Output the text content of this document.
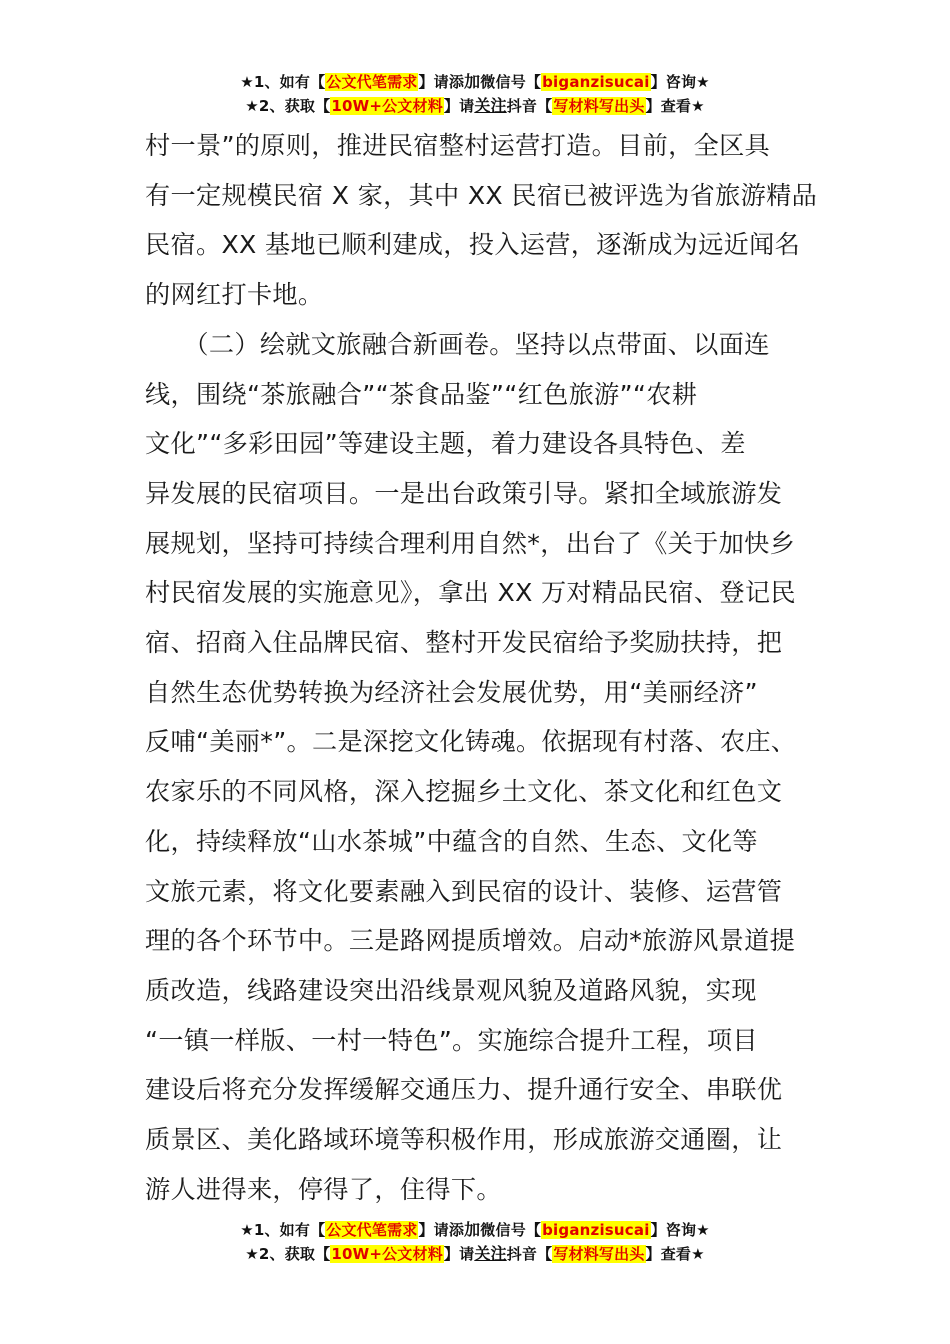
★1、如有【公文代笔需求】请添加微信号【biganzisucai】咨询★
★2、获取【10W+公文材料】请关注抖音【写材料写出头】查看★

村一景”的原则，推进民宿整村运营打造。目前，全区具

有一定规模民宿 X 家，其中 XX 民宿已被评选为省旅游精品

民宿。XX 基地已顺利建成，投入运营，逐渐成为远近闻名

的网红打卡地。

　　（二）绘就文旅融合新画卷。坚持以点带面、以面连

线，围绕“茶旅融合”“茶食品鉴”“红色旅游”“农耕

文化”“多彩田园”等建设主题，着力建设各具特色、差

异发展的民宿项目。一是出台政策引导。紧扣全域旅游发

展规划，坚持可持续合理利用自然*，出台了《关于加快乡

村民宿发展的实施意见》，拿出 XX 万对精品民宿、登记民

宿、招商入住品牌民宿、整村开发民宿给予奖励扶持，把

自然生态优势转换为经济社会发展优势，用“美丽经济”

反哺“美丽*”。二是深挖文化铸魂。依据现有村落、农庄、

农家乐的不同风格，深入挖掘乡土文化、茶文化和红色文

化，持续释放“山水茶城”中蕴含的自然、生态、文化等

文旅元素，将文化要素融入到民宿的设计、装修、运营管

理的各个环节中。三是路网提质增效。启动*旅游风景道提

质改造，线路建设突出沿线景观风貌及道路风貌，实现

“一镇一样版、一村一特色”。实施综合提升工程，项目

建设后将充分发挥缓解交通压力、提升通行安全、串联优

质景区、美化路域环境等积极作用，形成旅游交通圈，让

游人进得来，停得了，住得下。

★1、如有【公文代笔需求】请添加微信号【biganzisucai】咨询★
★2、获取【10W+公文材料】请关注抖音【写材料写出头】查看★
